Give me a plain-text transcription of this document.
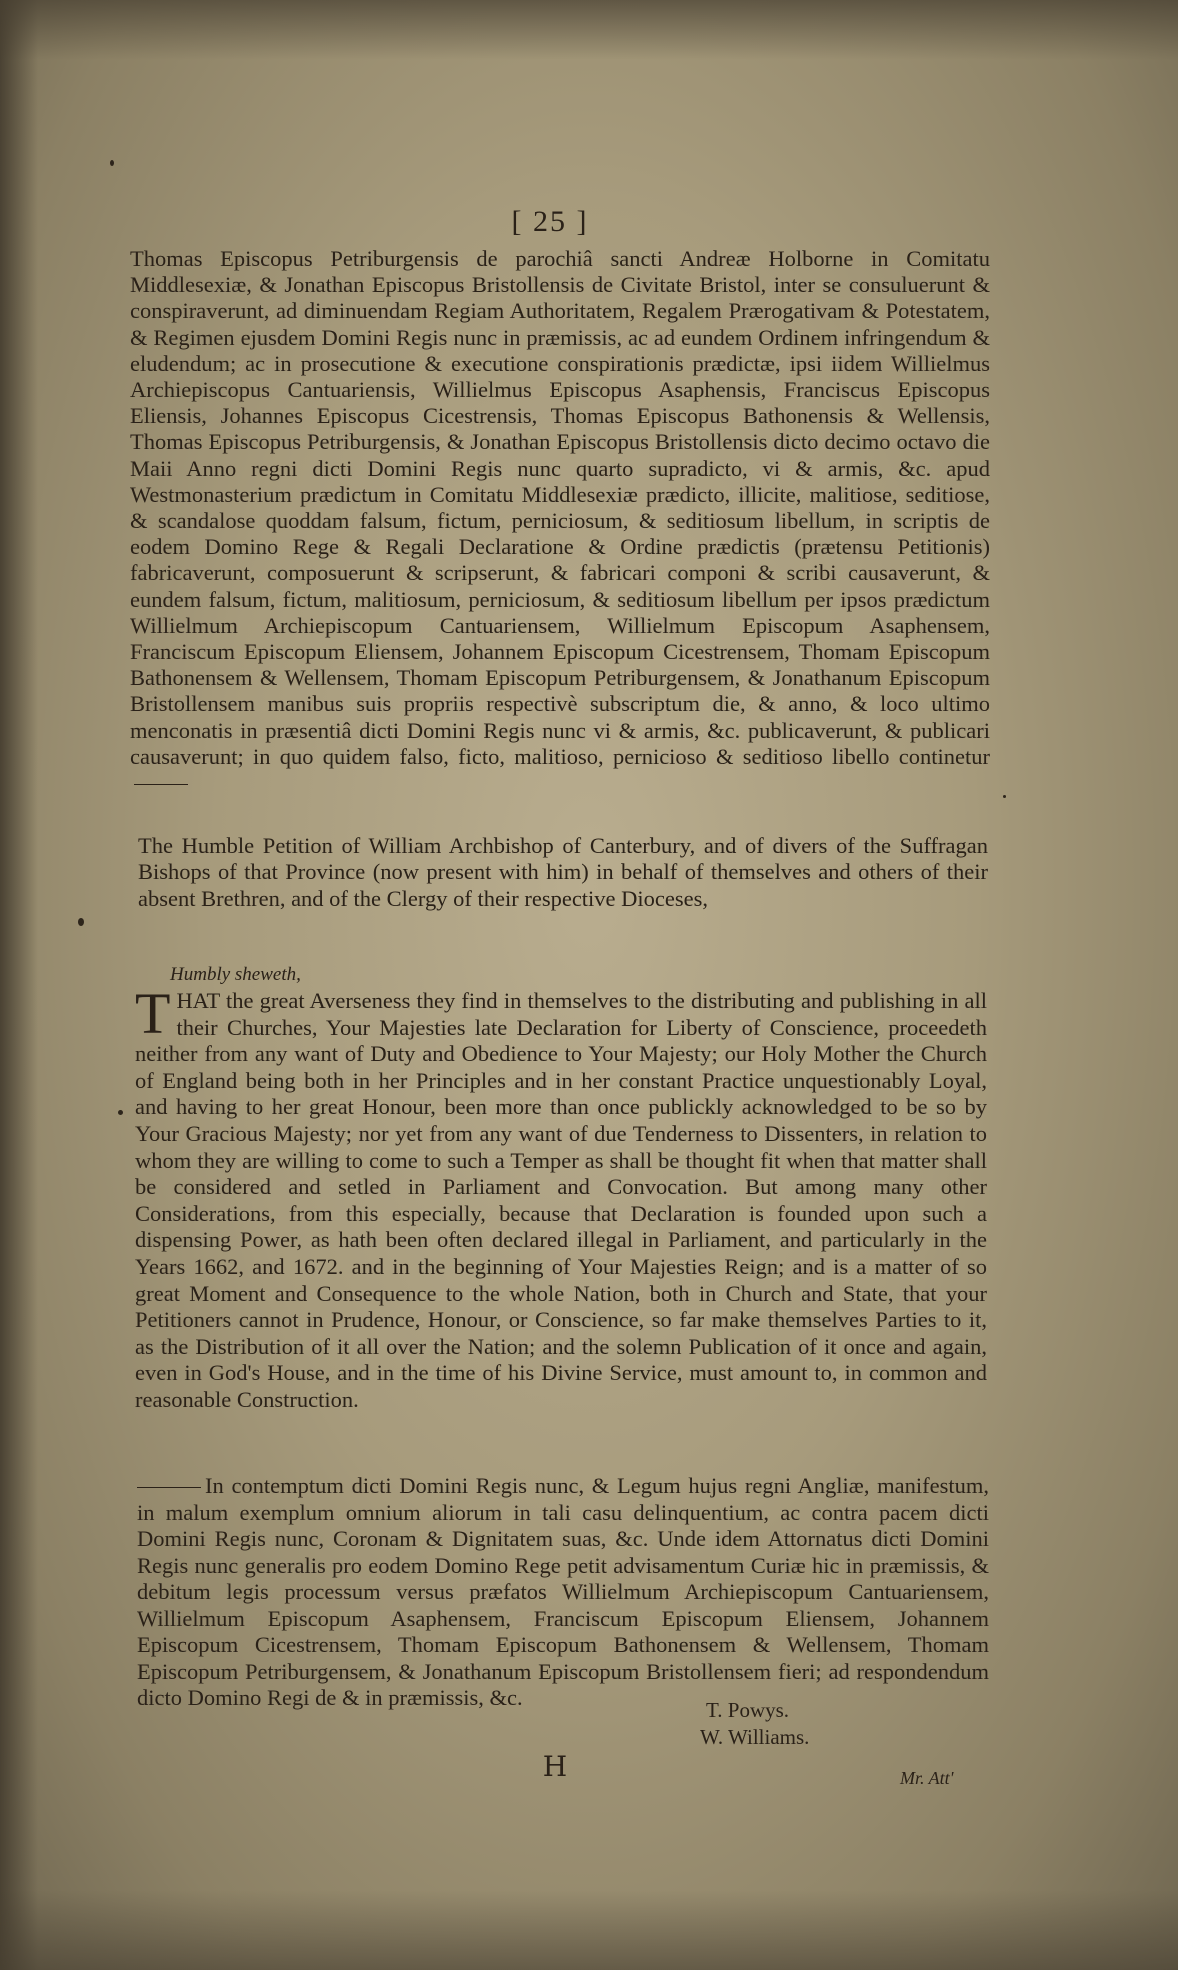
[ 25 ]
Thomas Episcopus Petriburgensis de parochiâ sancti Andreæ Holborne in Comitatu Middlesexiæ, & Jonathan Episcopus Bristollensis de Civitate Bristol, inter se consuluerunt & conspiraverunt, ad diminuendam Regiam Authoritatem, Regalem Prærogativam & Potestatem, & Regimen ejusdem Domini Regis nunc in præmissis, ac ad eundem Ordinem infringendum & eludendum; ac in prosecutione & executione conspirationis prædictæ, ipsi iidem Willielmus Archiepiscopus Cantuariensis, Willielmus Episcopus Asaphensis, Franciscus Episcopus Eliensis, Johannes Episcopus Cicestrensis, Thomas Episcopus Bathonensis & Wellensis, Thomas Episcopus Petriburgensis, & Jonathan Episcopus Bristollensis dicto decimo octavo die Maii Anno regni dicti Domini Regis nunc quarto supradicto, vi & armis, &c. apud Westmonasterium prædictum in Comitatu Middlesexiæ prædicto, illicite, malitiose, seditiose, & scandalose quoddam falsum, fictum, perniciosum, & seditiosum libellum, in scriptis de eodem Domino Rege & Regali Declaratione & Ordine prædictis (prætensu Petitionis) fabricaverunt, composuerunt & scripserunt, & fabricari componi & scribi causaverunt, & eundem falsum, fictum, malitiosum, perniciosum, & seditiosum libellum per ipsos prædictum Willielmum Archiepiscopum Cantuariensem, Willielmum Episcopum Asaphensem, Franciscum Episcopum Eliensem, Johannem Episcopum Cicestrensem, Thomam Episcopum Bathonensem & Wellensem, Thomam Episcopum Petriburgensem, & Jonathanum Episcopum Bristollensem manibus suis propriis respectivè subscriptum die, & anno, & loco ultimo menconatis in præsentiâ dicti Domini Regis nunc vi & armis, &c. publicaverunt, & publicari causaverunt; in quo quidem falso, ficto, malitioso, pernicioso & seditioso libello continetur
The Humble Petition of William Archbishop of Canterbury, and of divers of the Suffragan Bishops of that Province (now present with him) in behalf of themselves and others of their absent Brethren, and of the Clergy of their respective Dioceses,
Humbly sheweth,
THAT the great Averseness they find in themselves to the distributing and publishing in all their Churches, Your Majesties late Declaration for Liberty of Conscience, proceedeth neither from any want of Duty and Obedience to Your Majesty; our Holy Mother the Church of England being both in her Principles and in her constant Practice unquestionably Loyal, and having to her great Honour, been more than once publickly acknowledged to be so by Your Gracious Majesty; nor yet from any want of due Tenderness to Dissenters, in relation to whom they are willing to come to such a Temper as shall be thought fit when that matter shall be considered and setled in Parliament and Convocation. But among many other Considerations, from this especially, because that Declaration is founded upon such a dispensing Power, as hath been often declared illegal in Parliament, and particularly in the Years 1662, and 1672. and in the beginning of Your Majesties Reign; and is a matter of so great Moment and Consequence to the whole Nation, both in Church and State, that your Petitioners cannot in Prudence, Honour, or Conscience, so far make themselves Parties to it, as the Distribution of it all over the Nation; and the solemn Publication of it once and again, even in God's House, and in the time of his Divine Service, must amount to, in common and reasonable Construction.
In contemptum dicti Domini Regis nunc, & Legum hujus regni Angliæ, manifestum, in malum exemplum omnium aliorum in tali casu delinquentium, ac contra pacem dicti Domini Regis nunc, Coronam & Dignitatem suas, &c. Unde idem Attornatus dicti Domini Regis nunc generalis pro eodem Domino Rege petit advisamentum Curiæ hic in præmissis, & debitum legis processum versus præfatos Willielmum Archiepiscopum Cantuariensem, Willielmum Episcopum Asaphensem, Franciscum Episcopum Eliensem, Johannem Episcopum Cicestrensem, Thomam Episcopum Bathonensem & Wellensem, Thomam Episcopum Petriburgensem, & Jonathanum Episcopum Bristollensem fieri; ad respondendum dicto Domino Regi de & in præmissis, &c.	T. Powys.
W. Williams.
H	Mr. Att'
